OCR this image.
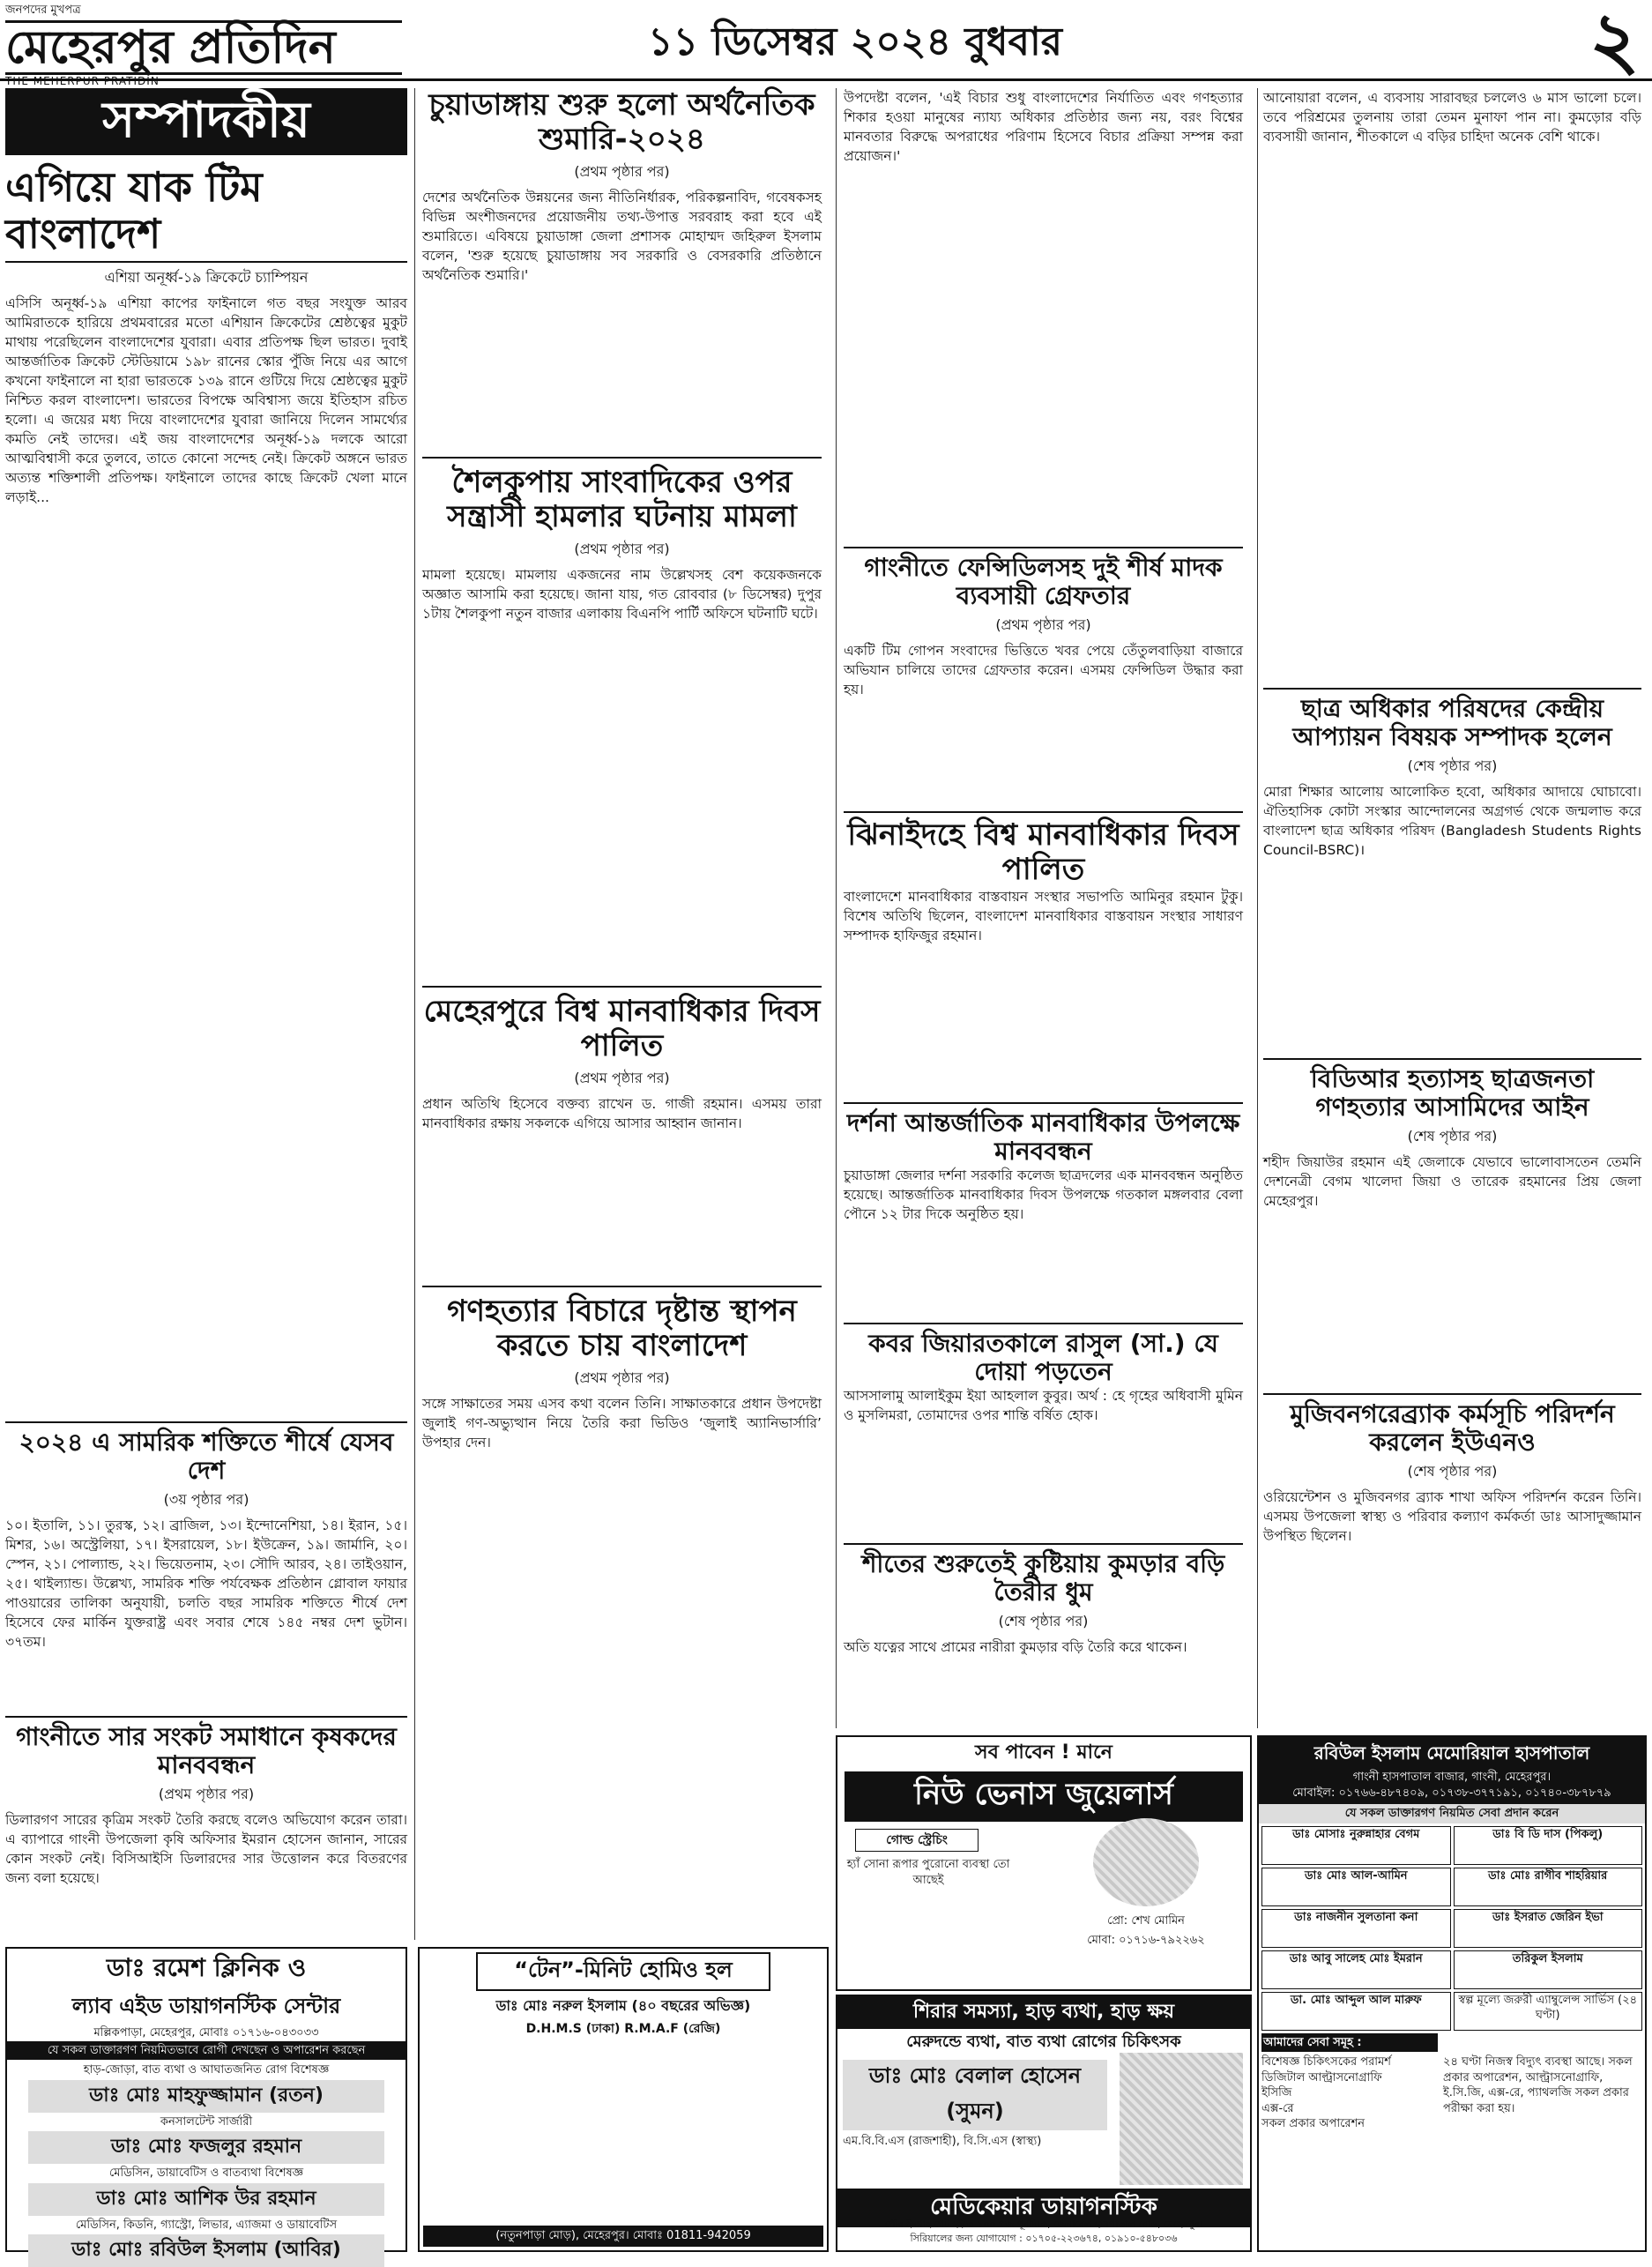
জনপদের মুখপত্র
মেহেরপুর প্রতিদিন
THE MEHERPUR PRATIDIN
১১ ডিসেম্বর ২০২৪ বুধবার	২
সম্পাদকীয়
এগিয়ে যাক টিম বাংলাদেশ
এশিয়া অনূর্ধ্ব-১৯ ক্রিকেটে চ্যাম্পিয়ন

এসিসি অনূর্ধ্ব-১৯ এশিয়া কাপের ফাইনালে গত বছর সংযুক্ত আরব আমিরাতকে হারিয়ে প্রথমবারের মতো এশিয়ান ক্রিকেটের শ্রেষ্ঠত্বের মুকুট মাথায় পরেছিলেন বাংলাদেশের যুবারা। এবার প্রতিপক্ষ ছিল ভারত। দুবাই আন্তর্জাতিক ক্রিকেট স্টেডিয়ামে ১৯৮ রানের স্কোর পুঁজি নিয়ে এর আগে কখনো ফাইনালে না হারা ভারতকে ১৩৯ রানে গুটিয়ে দিয়ে শ্রেষ্ঠত্বের মুকুট নিশ্চিত করল বাংলাদেশ। ভারতের বিপক্ষে অবিশ্বাস্য জয়ে ইতিহাস রচিত হলো। এ জয়ের মধ্য দিয়ে বাংলাদেশের যুবারা জানিয়ে দিলেন সামর্থ্যের কমতি নেই তাদের। এই জয় বাংলাদেশের অনূর্ধ্ব-১৯ দলকে আরো আত্মবিশ্বাসী করে তুলবে, তাতে কোনো সন্দেহ নেই। ক্রিকেট অঙ্গনে ভারত অত্যন্ত শক্তিশালী প্রতিপক্ষ। ফাইনালে তাদের কাছে ক্রিকেট খেলা মানে লড়াই...

২০২৪ এ সামরিক শক্তিতে শীর্ষে যেসব দেশ
(৩য় পৃষ্ঠার পর)

১০। ইতালি, ১১। তুরস্ক, ১২। ব্রাজিল, ১৩। ইন্দোনেশিয়া, ১৪। ইরান, ১৫। মিশর, ১৬। অস্ট্রেলিয়া, ১৭। ইসরায়েল, ১৮। ইউক্রেন, ১৯। জার্মানি, ২০। স্পেন, ২১। পোল্যান্ড, ২২। ভিয়েতনাম, ২৩। সৌদি আরব, ২৪। তাইওয়ান, ২৫। থাইল্যান্ড। উল্লেখ্য, সামরিক শক্তি পর্যবেক্ষক প্রতিষ্ঠান গ্লোবাল ফায়ার পাওয়ারের তালিকা অনুযায়ী, চলতি বছর সামরিক শক্তিতে শীর্ষে দেশ হিসেবে ফের মার্কিন যুক্তরাষ্ট্র এবং সবার শেষে ১৪৫ নম্বর দেশ ভুটান। ৩৭তম।

গাংনীতে সার সংকট সমাধানে কৃষকদের মানববন্ধন
(প্রথম পৃষ্ঠার পর)

ডিলারগণ সারের কৃত্রিম সংকট তৈরি করছে বলেও অভিযোগ করেন তারা। এ ব্যাপারে গাংনী উপজেলা কৃষি অফিসার ইমরান হোসেন জানান, সারের কোন সংকট নেই। বিসিআইসি ডিলারদের সার উত্তোলন করে বিতরণের জন্য বলা হয়েছে।

ডাঃ রমেশ ক্লিনিক ও
ল্যাব এইড ডায়াগনস্টিক সেন্টার
মল্লিকপাড়া, মেহেরপুর, মোবাঃ ০১৭১৬-০৪৩০৩৩
যে সকল ডাক্তারগণ নিয়মিতভাবে রোগী দেখছেন ও অপারেশন করছেন
হাড়-জোড়া, বাত ব্যথা ও আঘাতজনিত রোগ বিশেষজ্ঞ
ডাঃ মোঃ মাহফুজ্জামান (রতন)
কনসালটেন্ট সার্জারী
ডাঃ মোঃ ফজলুর রহমান
মেডিসিন, ডায়াবেটিস ও বাতব্যথা বিশেষজ্ঞ
ডাঃ মোঃ আশিক উর রহমান
মেডিসিন, কিডনি, গ্যাস্ট্রো, লিভার, এ্যাজমা ও ডায়াবেটিস
ডাঃ মোঃ রবিউল ইসলাম (আবির)
চুয়াডাঙ্গায় শুরু হলো অর্থনৈতিক শুমারি-২০২৪
(প্রথম পৃষ্ঠার পর)

দেশের অর্থনৈতিক উন্নয়নের জন্য নীতিনির্ধারক, পরিকল্পনাবিদ, গবেষকসহ বিভিন্ন অংশীজনদের প্রয়োজনীয় তথ্য-উপাত্ত সরবরাহ করা হবে এই শুমারিতে। এবিষয়ে চুয়াডাঙ্গা জেলা প্রশাসক মোহাম্মদ জহিরুল ইসলাম বলেন, 'শুরু হয়েছে চুয়াডাঙ্গায় সব সরকারি ও বেসরকারি প্রতিষ্ঠানে অর্থনৈতিক শুমারি।'

শৈলকুপায় সাংবাদিকের ওপর সন্ত্রাসী হামলার ঘটনায় মামলা
(প্রথম পৃষ্ঠার পর)

মামলা হয়েছে। মামলায় একজনের নাম উল্লেখসহ বেশ কয়েকজনকে অজ্ঞাত আসামি করা হয়েছে। জানা যায়, গত রোববার (৮ ডিসেম্বর) দুপুর ১টায় শৈলকুপা নতুন বাজার এলাকায় বিএনপি পার্টি অফিসে ঘটনাটি ঘটে।

মেহেরপুরে বিশ্ব মানবাধিকার দিবস পালিত
(প্রথম পৃষ্ঠার পর)

প্রধান অতিথি হিসেবে বক্তব্য রাখেন ড. গাজী রহমান। এসময় তারা মানবাধিকার রক্ষায় সকলকে এগিয়ে আসার আহ্বান জানান।

গণহত্যার বিচারে দৃষ্টান্ত স্থাপন করতে চায় বাংলাদেশ
(প্রথম পৃষ্ঠার পর)

সঙ্গে সাক্ষাতের সময় এসব কথা বলেন তিনি। সাক্ষাতকারে প্রধান উপদেষ্টা জুলাই গণ-অভ্যুত্থান নিয়ে তৈরি করা ভিডিও ‘জুলাই অ্যানিভার্সারি’ উপহার দেন।

“টেন”-মিনিট হোমিও হল
ডাঃ মোঃ নরুল ইসলাম (৪০ বছরের অভিজ্ঞ)
D.H.M.S (ঢাকা) R.M.A.F (রেজি)
(নতুনপাড়া মোড়), মেহেরপুর। মোবাঃ 01811-942059

উপদেষ্টা বলেন, 'এই বিচার শুধু বাংলাদেশের নির্যাতিত এবং গণহত্যার শিকার হওয়া মানুষের ন্যায্য অধিকার প্রতিষ্ঠার জন্য নয়, বরং বিশ্বের মানবতার বিরুদ্ধে অপরাধের পরিণাম হিসেবে বিচার প্রক্রিয়া সম্পন্ন করা প্রয়োজন।'

গাংনীতে ফেন্সিডিলসহ দুই শীর্ষ মাদক ব্যবসায়ী গ্রেফতার
(প্রথম পৃষ্ঠার পর)

একটি টিম গোপন সংবাদের ভিত্তিতে খবর পেয়ে তেঁতুলবাড়িয়া বাজারে অভিযান চালিয়ে তাদের গ্রেফতার করেন। এসময় ফেন্সিডিল উদ্ধার করা হয়।

ঝিনাইদহে বিশ্ব মানবাধিকার দিবস পালিত

বাংলাদেশে মানবাধিকার বাস্তবায়ন সংস্থার সভাপতি আমিনুর রহমান টুকু। বিশেষ অতিথি ছিলেন, বাংলাদেশ মানবাধিকার বাস্তবায়ন সংস্থার সাধারণ সম্পাদক হাফিজুর রহমান।

দর্শনা আন্তর্জাতিক মানবাধিকার উপলক্ষে মানববন্ধন

চুয়াডাঙ্গা জেলার দর্শনা সরকারি কলেজ ছাত্রদলের এক মানববন্ধন অনুষ্ঠিত হয়েছে। আন্তর্জাতিক মানবাধিকার দিবস উপলক্ষে গতকাল মঙ্গলবার বেলা পৌনে ১২ টার দিকে অনুষ্ঠিত হয়।

কবর জিয়ারতকালে রাসুল (সা.) যে দোয়া পড়তেন

আসসালামু আলাইকুম ইয়া আহলাল কুবুর। অর্থ : হে গৃহের অধিবাসী মুমিন ও মুসলিমরা, তোমাদের ওপর শান্তি বর্ষিত হোক।

শীতের শুরুতেই কুষ্টিয়ায় কুমড়ার বড়ি তৈরীর ধুম
(শেষ পৃষ্ঠার পর)

অতি যত্নের সাথে প্রামের নারীরা কুমড়ার বড়ি তৈরি করে থাকেন।

আনোয়ারা বলেন, এ ব্যবসায় সারাবছর চললেও ৬ মাস ভালো চলে। তবে পরিশ্রমের তুলনায় তারা তেমন মুনাফা পান না। কুমড়োর বড়ি ব্যবসায়ী জানান, শীতকালে এ বড়ির চাহিদা অনেক বেশি থাকে।

ছাত্র অধিকার পরিষদের কেন্দ্রীয় আপ্যায়ন বিষয়ক সম্পাদক হলেন
(শেষ পৃষ্ঠার পর)

মোরা শিক্ষার আলোয় আলোকিত হবো, অধিকার আদায়ে ঘোচাবো। ঐতিহাসিক কোটা সংস্কার আন্দোলনের অগ্রগর্ভ থেকে জন্মলাভ করে বাংলাদেশ ছাত্র অধিকার পরিষদ (Bangladesh Students Rights Council-BSRC)।

বিডিআর হত্যাসহ ছাত্রজনতা গণহত্যার আসামিদের আইন
(শেষ পৃষ্ঠার পর)

শহীদ জিয়াউর রহমান এই জেলাকে যেভাবে ভালোবাসতেন তেমনি দেশনেত্রী বেগম খালেদা জিয়া ও তারেক রহমানের প্রিয় জেলা মেহেরপুর।

মুজিবনগরেব্র্যাক কর্মসূচি পরিদর্শন করলেন ইউএনও
(শেষ পৃষ্ঠার পর)

ওরিয়েন্টেশন ও মুজিবনগর ব্র্যাক শাখা অফিস পরিদর্শন করেন তিনি। এসময় উপজেলা স্বাস্থ্য ও পরিবার কল্যাণ কর্মকর্তা ডাঃ আসাদুজ্জামান উপস্থিত ছিলেন।

সব পাবেন ! মানে
নিউ ভেনাস জুয়েলার্স
গোল্ড স্ট্রেচিং
হ্যাঁ সোনা রূপার পুরোনো ব্যবস্থা তো আছেই
প্রো: শেখ মোমিন
মোবা: ০১৭১৬-৭৯২২৬২
শিরার সমস্যা, হাড় ব্যথা, হাড় ক্ষয়
মেরুদন্ডে ব্যথা, বাত ব্যথা রোগের চিকিৎসক
ডাঃ মোঃ বেলাল হোসেন (সুমন)
এম.বি.বি.এস (রাজশাহী), বি.সি.এস (স্বাস্থ্য)
মেডিকেয়ার ডায়াগনস্টিক
পৌর ইদগাহ গেট হইতে ১০০ গজ পূর্বদিকে, জেনারেল হাসপাতাল রোড, মেহেরপুর।
সিরিয়ালের জন্য যোগাযোগ : ০১৭০৫-২২৩৬৭৪, ০১৯১০-৫৪৮০৩৬
রবিউল ইসলাম মেমোরিয়াল হাসপাতাল
গাংনী হাসপাতাল বাজার, গাংনী, মেহেরপুর।
মোবাইল: ০১৭৬৬-৪৮৭৪০৯, ০১৭৩৮-৩৭৭১৯১, ০১৭৪০-৩৮৭৮৭৯
যে সকল ডাক্তারগণ নিয়মিত সেবা প্রদান করেন
ডাঃ মোসাঃ নুরুন্নাহার বেগম	ডাঃ বি ডি দাস (পিকলু)
ডাঃ মোঃ আল-আমিন	ডাঃ মোঃ রাগীব শাহরিয়ার
ডাঃ নাজনীন সুলতানা কনা	ডাঃ ইসরাত জেরিন ইভা
ডাঃ আবু সালেহ মোঃ ইমরান	তরিকুল ইসলাম
ডা. মোঃ আব্দুল আল মারুফ	স্বল্প মূল্যে জরুরী এ্যাম্বুলেন্স সার্ভিস (২৪ ঘণ্টা)
আমাদের সেবা সমূহ :
বিশেষজ্ঞ চিকিৎসকের পরামর্শ
ডিজিটাল আল্ট্রাসনোগ্রাফি
ইসিজি
এক্স-রে
সকল প্রকার অপারেশন
২৪ ঘণ্টা নিজস্ব বিদ্যুৎ ব্যবস্থা আছে। সকল প্রকার অপারেশন, আল্ট্রাসনোগ্রাফি, ই.সি.জি, এক্স-রে, প্যাথলজি সকল প্রকার পরীক্ষা করা হয়।
